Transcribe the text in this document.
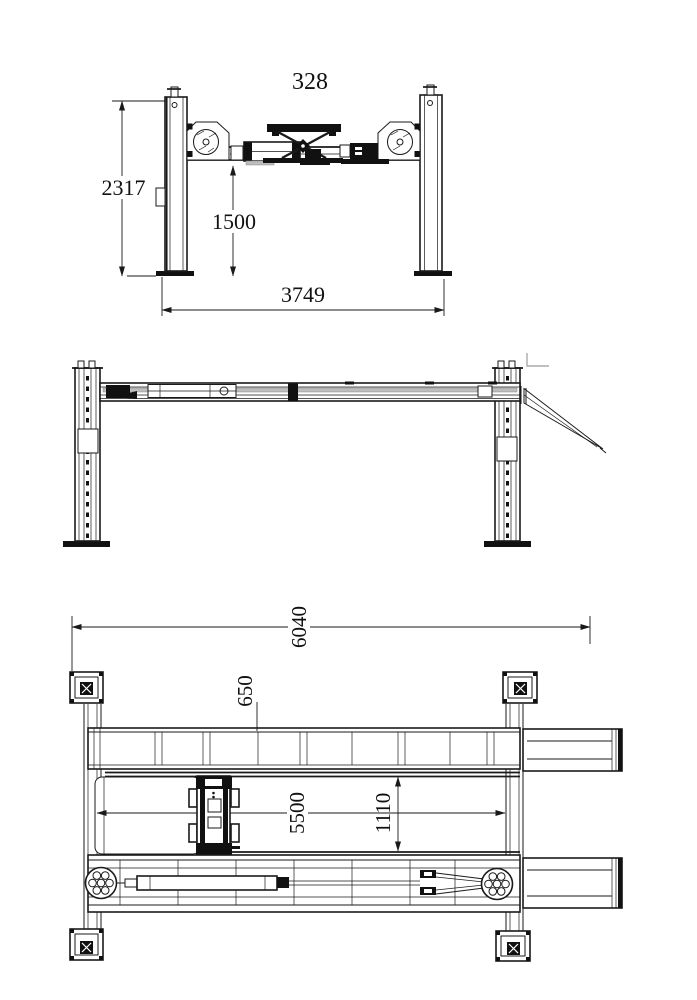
328
2317
1500
3749
6040
650
5500	1110
